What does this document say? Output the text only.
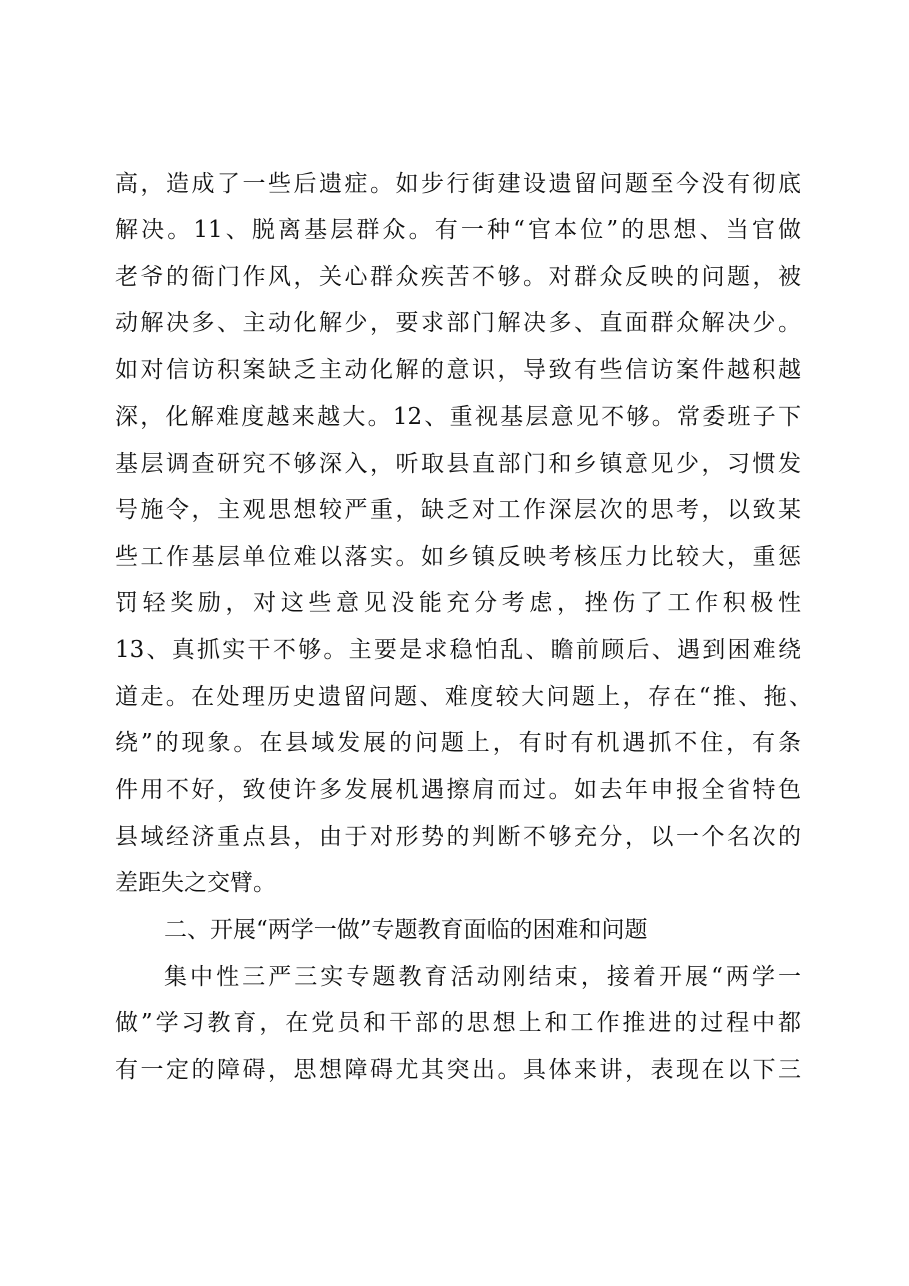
高，造成了一些后遗症。如步行街建设遗留问题至今没有彻底
解决。11、脱离基层群众。有一种“官本位”的思想、当官做
老爷的衙门作风，关心群众疾苦不够。对群众反映的问题，被
动解决多、主动化解少，要求部门解决多、直面群众解决少。
如对信访积案缺乏主动化解的意识，导致有些信访案件越积越
深，化解难度越来越大。12、重视基层意见不够。常委班子下
基层调查研究不够深入，听取县直部门和乡镇意见少，习惯发
号施令，主观思想较严重，缺乏对工作深层次的思考，以致某
些工作基层单位难以落实。如乡镇反映考核压力比较大，重惩
罚轻奖励，对这些意见没能充分考虑，挫伤了工作积极性
13、真抓实干不够。主要是求稳怕乱、瞻前顾后、遇到困难绕
道走。在处理历史遗留问题、难度较大问题上，存在“推、拖、
绕”的现象。在县域发展的问题上，有时有机遇抓不住，有条
件用不好，致使许多发展机遇擦肩而过。如去年申报全省特色
县域经济重点县，由于对形势的判断不够充分，以一个名次的
差距失之交臂。
二、开展“两学一做”专题教育面临的困难和问题
集中性三严三实专题教育活动刚结束，接着开展“两学一
做”学习教育，在党员和干部的思想上和工作推进的过程中都
有一定的障碍，思想障碍尤其突出。具体来讲，表现在以下三
